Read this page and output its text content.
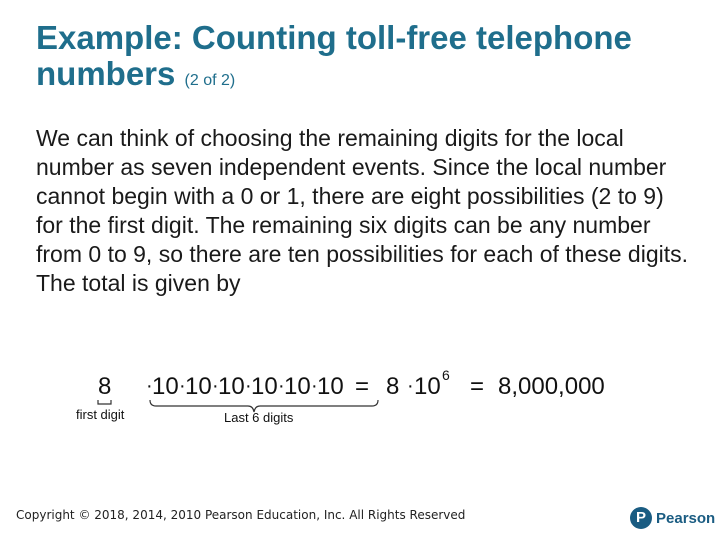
Example: Counting toll-free telephone numbers (2 of 2)
We can think of choosing the remaining digits for the local number as seven independent events. Since the local number cannot begin with a 0 or 1, there are eight possibilities (2 to 9) for the first digit. The remaining six digits can be any number from 0 to 9, so there are ten possibilities for each of these digits. The total is given by
8 · 10 · 10 · 10 · 10 · 10 · 10 = 8 · 10 6 = 8,000,000
first digit	Last 6 digits
Copyright © 2018, 2014, 2010 Pearson Education, Inc. All Rights Reserved	P Pearson
